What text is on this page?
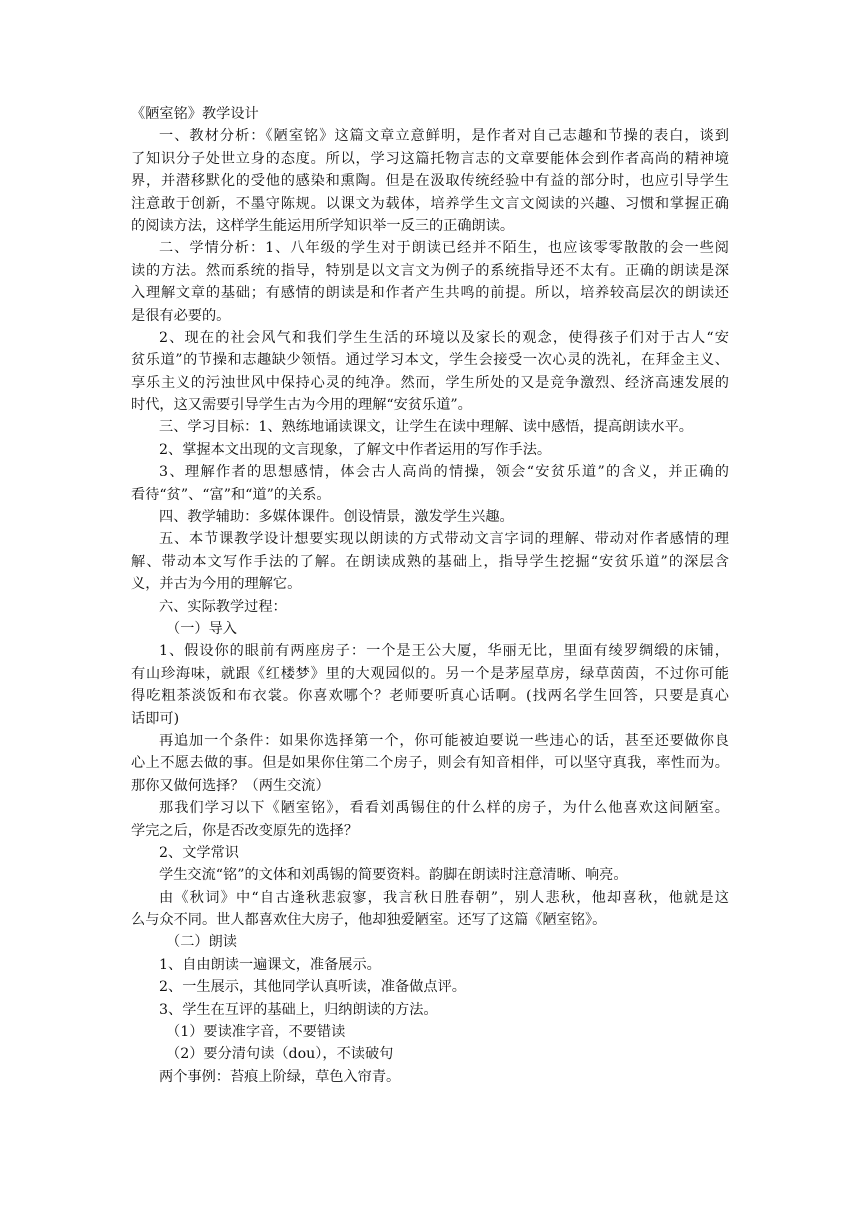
《陋室铭》教学设计
一、教材分析：《陋室铭》这篇文章立意鲜明，是作者对自己志趣和节操的表白，谈到
了知识分子处世立身的态度。所以，学习这篇托物言志的文章要能体会到作者高尚的精神境
界，并潜移默化的受他的感染和熏陶。但是在汲取传统经验中有益的部分时，也应引导学生
注意敢于创新，不墨守陈规。以课文为载体，培养学生文言文阅读的兴趣、习惯和掌握正确
的阅读方法，这样学生能运用所学知识举一反三的正确朗读。
二、学情分析：1、八年级的学生对于朗读已经并不陌生，也应该零零散散的会一些阅
读的方法。然而系统的指导，特别是以文言文为例子的系统指导还不太有。正确的朗读是深
入理解文章的基础；有感情的朗读是和作者产生共鸣的前提。所以，培养较高层次的朗读还
是很有必要的。
2、现在的社会风气和我们学生生活的环境以及家长的观念，使得孩子们对于古人“安
贫乐道”的节操和志趣缺少领悟。通过学习本文，学生会接受一次心灵的洗礼，在拜金主义、
享乐主义的污浊世风中保持心灵的纯净。然而，学生所处的又是竞争激烈、经济高速发展的
时代，这又需要引导学生古为今用的理解“安贫乐道”。
三、学习目标：1、熟练地诵读课文，让学生在读中理解、读中感悟，提高朗读水平。
2、掌握本文出现的文言现象，了解文中作者运用的写作手法。
3、理解作者的思想感情，体会古人高尚的情操，领会“安贫乐道”的含义，并正确的
看待“贫”、“富”和“道”的关系。
四、教学辅助：多媒体课件。创设情景，激发学生兴趣。
五、本节课教学设计想要实现以朗读的方式带动文言字词的理解、带动对作者感情的理
解、带动本文写作手法的了解。在朗读成熟的基础上，指导学生挖掘“安贫乐道”的深层含
义，并古为今用的理解它。
六、实际教学过程：
（一）导入
1、假设你的眼前有两座房子：一个是王公大厦，华丽无比，里面有绫罗绸缎的床铺，
有山珍海味，就跟《红楼梦》里的大观园似的。另一个是茅屋草房，绿草茵茵，不过你可能
得吃粗茶淡饭和布衣裳。你喜欢哪个？老师要听真心话啊。(找两名学生回答，只要是真心
话即可)
再追加一个条件：如果你选择第一个，你可能被迫要说一些违心的话，甚至还要做你良
心上不愿去做的事。但是如果你住第二个房子，则会有知音相伴，可以坚守真我，率性而为。
那你又做何选择？（两生交流）
那我们学习以下《陋室铭》，看看刘禹锡住的什么样的房子，为什么他喜欢这间陋室。
学完之后，你是否改变原先的选择？
2、文学常识
学生交流“铭”的文体和刘禹锡的简要资料。韵脚在朗读时注意清晰、响亮。
由《秋词》中“自古逢秋悲寂寥，我言秋日胜春朝”，别人悲秋，他却喜秋，他就是这
么与众不同。世人都喜欢住大房子，他却独爱陋室。还写了这篇《陋室铭》。
（二）朗读
1、自由朗读一遍课文，准备展示。
2、一生展示，其他同学认真听读，准备做点评。
3、学生在互评的基础上，归纳朗读的方法。
（1）要读准字音，不要错读
（2）要分清句读（dou），不读破句
两个事例：苔痕上阶绿，草色入帘青。
